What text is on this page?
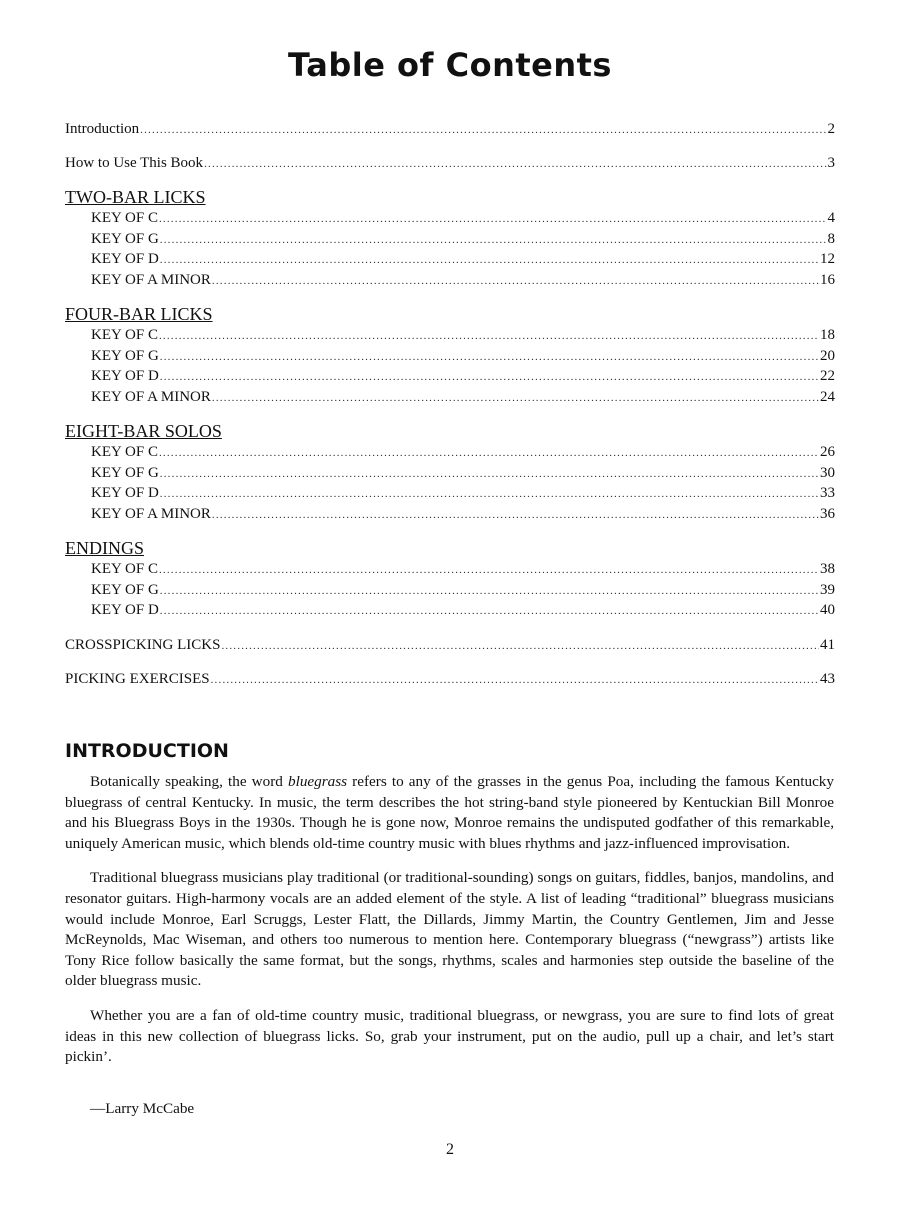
Table of Contents
Introduction .....	2
How to Use This Book .....	3
TWO-BAR LICKS
KEY OF C .....	4
KEY OF G .....	8
KEY OF D .....	12
KEY OF A MINOR .....	16
FOUR-BAR LICKS
KEY OF C .....	18
KEY OF G .....	20
KEY OF D .....	22
KEY OF A MINOR .....	24
EIGHT-BAR SOLOS
KEY OF C .....	26
KEY OF G .....	30
KEY OF D .....	33
KEY OF A MINOR .....	36
ENDINGS
KEY OF C .....	38
KEY OF G .....	39
KEY OF D .....	40
CROSSPICKING LICKS .....	41
PICKING EXERCISES .....	43
INTRODUCTION

Botanically speaking, the word bluegrass refers to any of the grasses in the genus Poa, including the famous Kentucky bluegrass of central Kentucky. In music, the term describes the hot string-band style pioneered by Kentuckian Bill Monroe and his Bluegrass Boys in the 1930s. Though he is gone now, Monroe remains the undisputed godfather of this remarkable, uniquely American music, which blends old-time country music with blues rhythms and jazz-influenced improvisation.

Traditional bluegrass musicians play traditional (or traditional-sounding) songs on guitars, fiddles, banjos, mandolins, and resonator guitars. High-harmony vocals are an added element of the style. A list of leading “traditional” bluegrass musicians would include Monroe, Earl Scruggs, Lester Flatt, the Dillards, Jimmy Martin, the Country Gentlemen, Jim and Jesse McReynolds, Mac Wiseman, and others too numerous to mention here. Contemporary bluegrass (“newgrass”) artists like Tony Rice follow basically the same format, but the songs, rhythms, scales and harmonies step outside the baseline of the older bluegrass music.

Whether you are a fan of old-time country music, traditional bluegrass, or newgrass, you are sure to find lots of great ideas in this new collection of bluegrass licks. So, grab your instrument, put on the audio, pull up a chair, and let’s start pickin’.

—Larry McCabe
2
